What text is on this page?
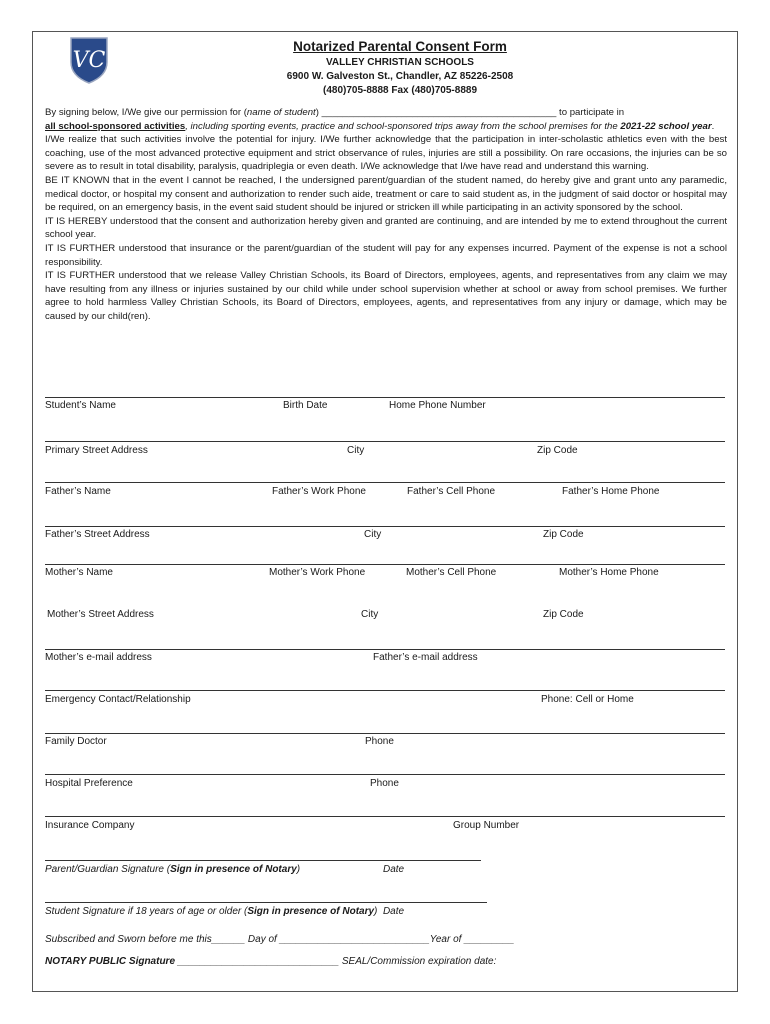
VC
Notarized Parental Consent Form
VALLEY CHRISTIAN SCHOOLS
6900 W. Galveston St., Chandler, AZ 85226-2508
(480)705-8888 Fax (480)705-8889

By signing below, I/We give our permission for (name of student) ____________________________________________ to participate in
all school-sponsored activities, including sporting events, practice and school-sponsored trips away from the school premises for the 2021-22 school year.

I/We realize that such activities involve the potential for injury. I/We further acknowledge that the participation in inter-scholastic athletics even with the best coaching, use of the most advanced protective equipment and strict observance of rules, injuries are still a possibility. On rare occasions, the injuries can be so severe as to result in total disability, paralysis, quadriplegia or even death. I/We acknowledge that I/we have read and understand this warning.

BE IT KNOWN that in the event I cannot be reached, I the undersigned parent/guardian of the student named, do hereby give and grant unto any paramedic, medical doctor, or hospital my consent and authorization to render such aide, treatment or care to said student as, in the judgment of said doctor or hospital may be required, on an emergency basis, in the event said student should be injured or stricken ill while participating in an activity sponsored by the school.

IT IS HEREBY understood that the consent and authorization hereby given and granted are continuing, and are intended by me to extend throughout the current school year.

IT IS FURTHER understood that insurance or the parent/guardian of the student will pay for any expenses incurred. Payment of the expense is not a school responsibility.

IT IS FURTHER understood that we release Valley Christian Schools, its Board of Directors, employees, agents, and representatives from any claim we may have resulting from any illness or injuries sustained by our child while under school supervision whether at school or away from school premises. We further agree to hold harmless Valley Christian Schools, its Board of Directors, employees, agents, and representatives from any injury or damage, which may be caused by our child(ren).

Student’s Name	Birth Date	Home Phone Number
Primary Street Address	City	Zip Code
Father’s Name	Father’s Work Phone	Father’s Cell Phone	Father’s Home Phone
Father’s Street Address	City	Zip Code
Mother’s Name	Mother’s Work Phone	Mother’s Cell Phone	Mother’s Home Phone
Mother’s Street Address	City	Zip Code
Mother’s e-mail address	Father’s e-mail address
Emergency Contact/Relationship	Phone: Cell or Home
Family Doctor	Phone
Hospital Preference	Phone
Insurance Company	Group Number
Parent/Guardian Signature (Sign in presence of Notary)	Date
Student Signature if 18 years of age or older (Sign in presence of Notary) Date
Subscribed and Sworn before me this______ Day of ___________________________Year of _________
NOTARY PUBLIC Signature _____________________________ SEAL/Commission expiration date:
